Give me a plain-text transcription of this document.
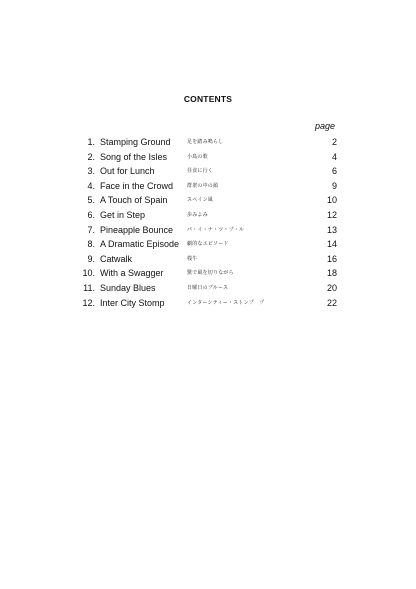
CONTENTS
page
1. Stamping Ground	足を踏み鳴らし	2
2. Song of the Isles	小島の歌	4
3. Out for Lunch	昼食に行く	6
4. Face in the Crowd	群衆の中の顔	9
5. A Touch of Spain	スペイン風	10
6. Get in Step	歩みよみ	12
7. Pineapple Bounce	パ・イ・ナ・ツ・プ・ル	13
8. A Dramatic Episode 劇的なエピソード	14
9. Catwalk	桟牛	16
10. With a Swagger	驚で風を切りながら	18
11. Sunday Blues	日曜日のブルース	20
12. Inter City Stomp	インターシティー・ストンプ　プ	22
